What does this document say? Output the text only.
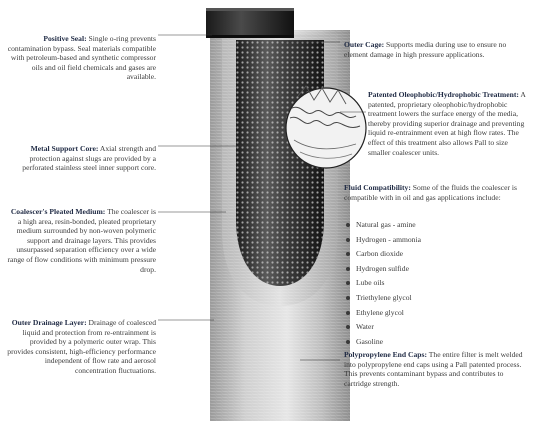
Positive Seal: Single o-ring prevents contamination bypass. Seal materials compatible with petroleum-based and synthetic compressor oils and oil field chemicals and gases are available.
Metal Support Core: Axial strength and protection against slugs are provided by a perforated stainless steel inner support core.
Coalescer's Pleated Medium: The coalescer is a high area, resin-bonded, pleated proprietary medium surrounded by non-woven polymeric support and drainage layers. This provides unsurpassed separation efficiency over a wide range of flow conditions with minimum pressure drop.
Outer Drainage Layer: Drainage of coalesced liquid and protection from re-entrainment is provided by a polymeric outer wrap. This provides consistent, high-efficiency performance independent of flow rate and aerosol concentration fluctuations.
Outer Cage: Supports media during use to ensure no element damage in high pressure applications.
Patented Oleophobic/Hydrophobic Treatment: A patented, proprietary oleophobic/hydrophobic treatment lowers the surface energy of the media, thereby providing superior drainage and preventing liquid re-entrainment even at high flow rates. The effect of this treatment also allows Pall to size smaller coalescer units.
Fluid Compatibility: Some of the fluids the coalescer is compatible with in oil and gas applications include:
Natural gas - amine
Hydrogen - ammonia
Carbon dioxide
Hydrogen sulfide
Lube oils
Triethylene glycol
Ethylene glycol
Water
Gasoline
Polypropylene End Caps: The entire filter is melt welded into polypropylene end caps using a Pall patented process. This prevents contaminant bypass and contributes to cartridge strength.
